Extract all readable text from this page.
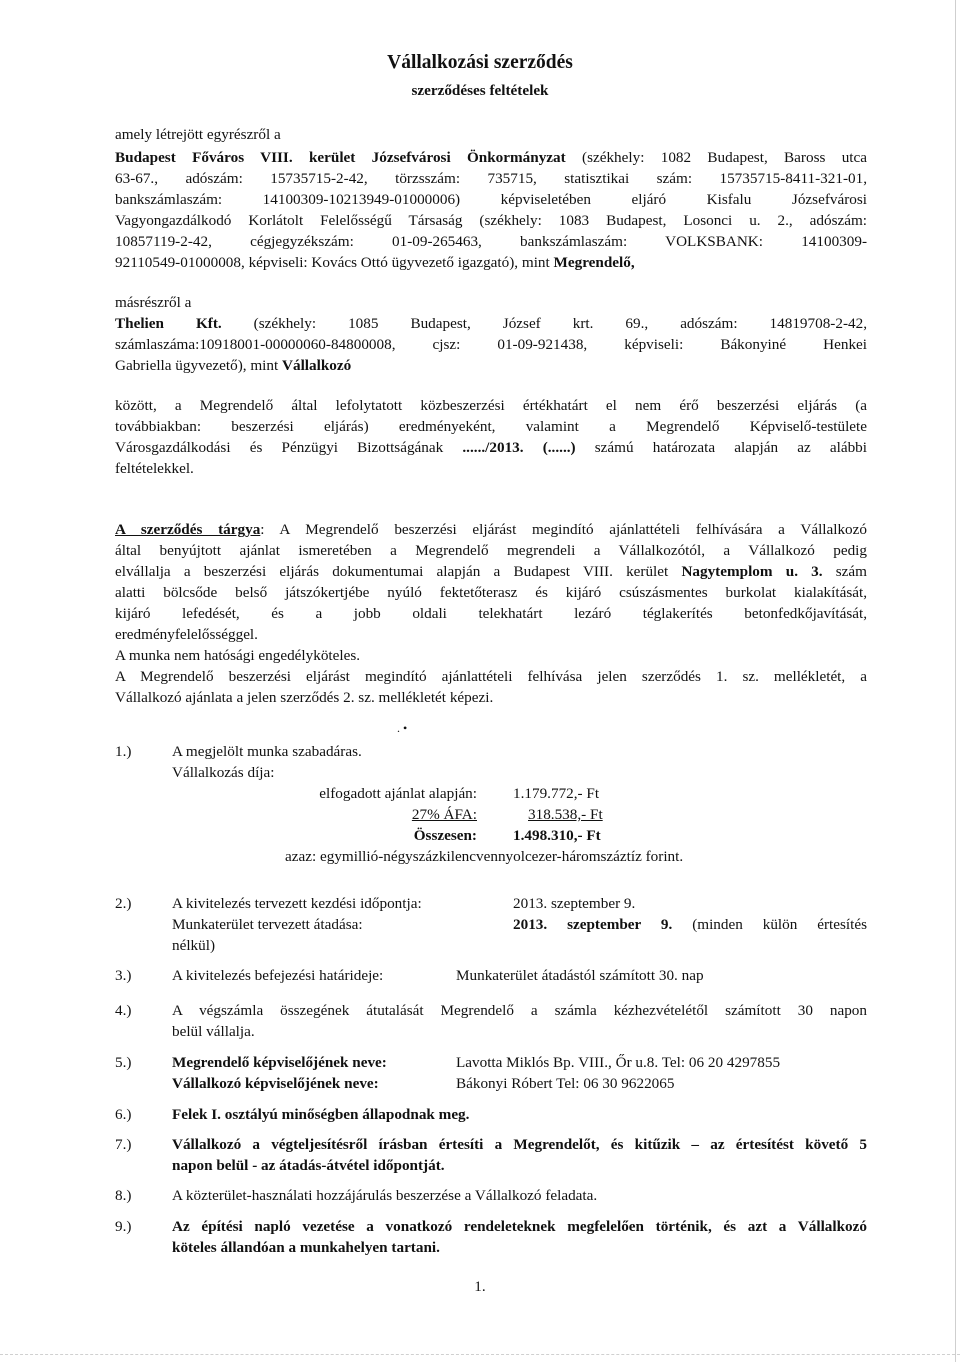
Vállalkozási szerződés
szerződéses feltételek
amely létrejött egyrészről a
Budapest Főváros VIII. kerület Józsefvárosi Önkormányzat (székhely: 1082 Budapest, Baross utca
63-67., adószám: 15735715-2-42, törzsszám: 735715, statisztikai szám: 15735715-8411-321-01,
bankszámlaszám: 14100309-10213949-01000006) képviseletében eljáró Kisfalu Józsefvárosi
Vagyongazdálkodó Korlátolt Felelősségű Társaság (székhely: 1083 Budapest, Losonci u. 2., adószám:
10857119-2-42, cégjegyzékszám: 01-09-265463, bankszámlaszám: VOLKSBANK: 14100309-
92110549-01000008, képviseli: Kovács Ottó ügyvezető igazgató), mint Megrendelő,
másrészről a
Thelien Kft. (székhely: 1085 Budapest, József krt. 69., adószám: 14819708-2-42,
számlaszáma:10918001-00000060-84800008, cjsz: 01-09-921438, képviseli: Bákonyiné Henkei
Gabriella ügyvezető), mint Vállalkozó
között, a Megrendelő által lefolytatott közbeszerzési értékhatárt el nem érő beszerzési eljárás (a
továbbiakban: beszerzési eljárás) eredményeként, valamint a Megrendelő Képviselő-testülete
Városgazdálkodási és Pénzügyi Bizottságának ....../2013. (......) számú határozata alapján az alábbi
feltételekkel.
A szerződés tárgya: A Megrendelő beszerzési eljárást megindító ajánlattételi felhívására a Vállalkozó
által benyújtott ajánlat ismeretében a Megrendelő megrendeli a Vállalkozótól, a Vállalkozó pedig
elvállalja a beszerzési eljárás dokumentumai alapján a Budapest VIII. kerület Nagytemplom u. 3. szám
alatti bölcsőde belső játszókertjébe nyúló fektetőterasz és kijáró csúszásmentes burkolat kialakítását,
kijáró lefedését, és a jobb oldali telekhatárt lezáró téglakerítés betonfedkőjavítását,
eredményfelelősséggel.
A munka nem hatósági engedélyköteles.
A Megrendelő beszerzési eljárást megindító ajánlattételi felhívása jelen szerződés 1. sz. mellékletét, a
Vállalkozó ajánlata a jelen szerződés 2. sz. mellékletét képezi.
. •
1.)	A megjelölt munka szabadáras.
Vállalkozás díja:
elfogadott ajánlat alapján: 1.179.772,- Ft
27% ÁFA:	318.538,- Ft
Összesen: 1.498.310,- Ft
azaz: egymillió-négyszázkilencvennyolcezer-háromszáztíz forint.
2.)	A kivitelezés tervezett kezdési időpontja:	2013. szeptember 9.
Munkaterület tervezett átadása:	2013. szeptember 9. (minden külön értesítés
nélkül)
3.)	A kivitelezés befejezési határideje:	Munkaterület átadástól számított 30. nap
4.)	A végszámla összegének átutalását Megrendelő a számla kézhezvételétől számított 30 napon
belül vállalja.
5.)	Megrendelő képviselőjének neve:	Lavotta Miklós Bp. VIII., Őr u.8. Tel: 06 20 4297855
Vállalkozó képviselőjének neve:	Bákonyi Róbert Tel: 06 30 9622065
6.)	Felek I. osztályú minőségben állapodnak meg.
7.)	Vállalkozó a végteljesítésről írásban értesíti a Megrendelőt, és kitűzik – az értesítést követő 5
napon belül - az átadás-átvétel időpontját.
8.)	A közterület-használati hozzájárulás beszerzése a Vállalkozó feladata.
9.)	Az építési napló vezetése a vonatkozó rendeleteknek megfelelően történik, és azt a Vállalkozó
köteles állandóan a munkahelyen tartani.
1.
